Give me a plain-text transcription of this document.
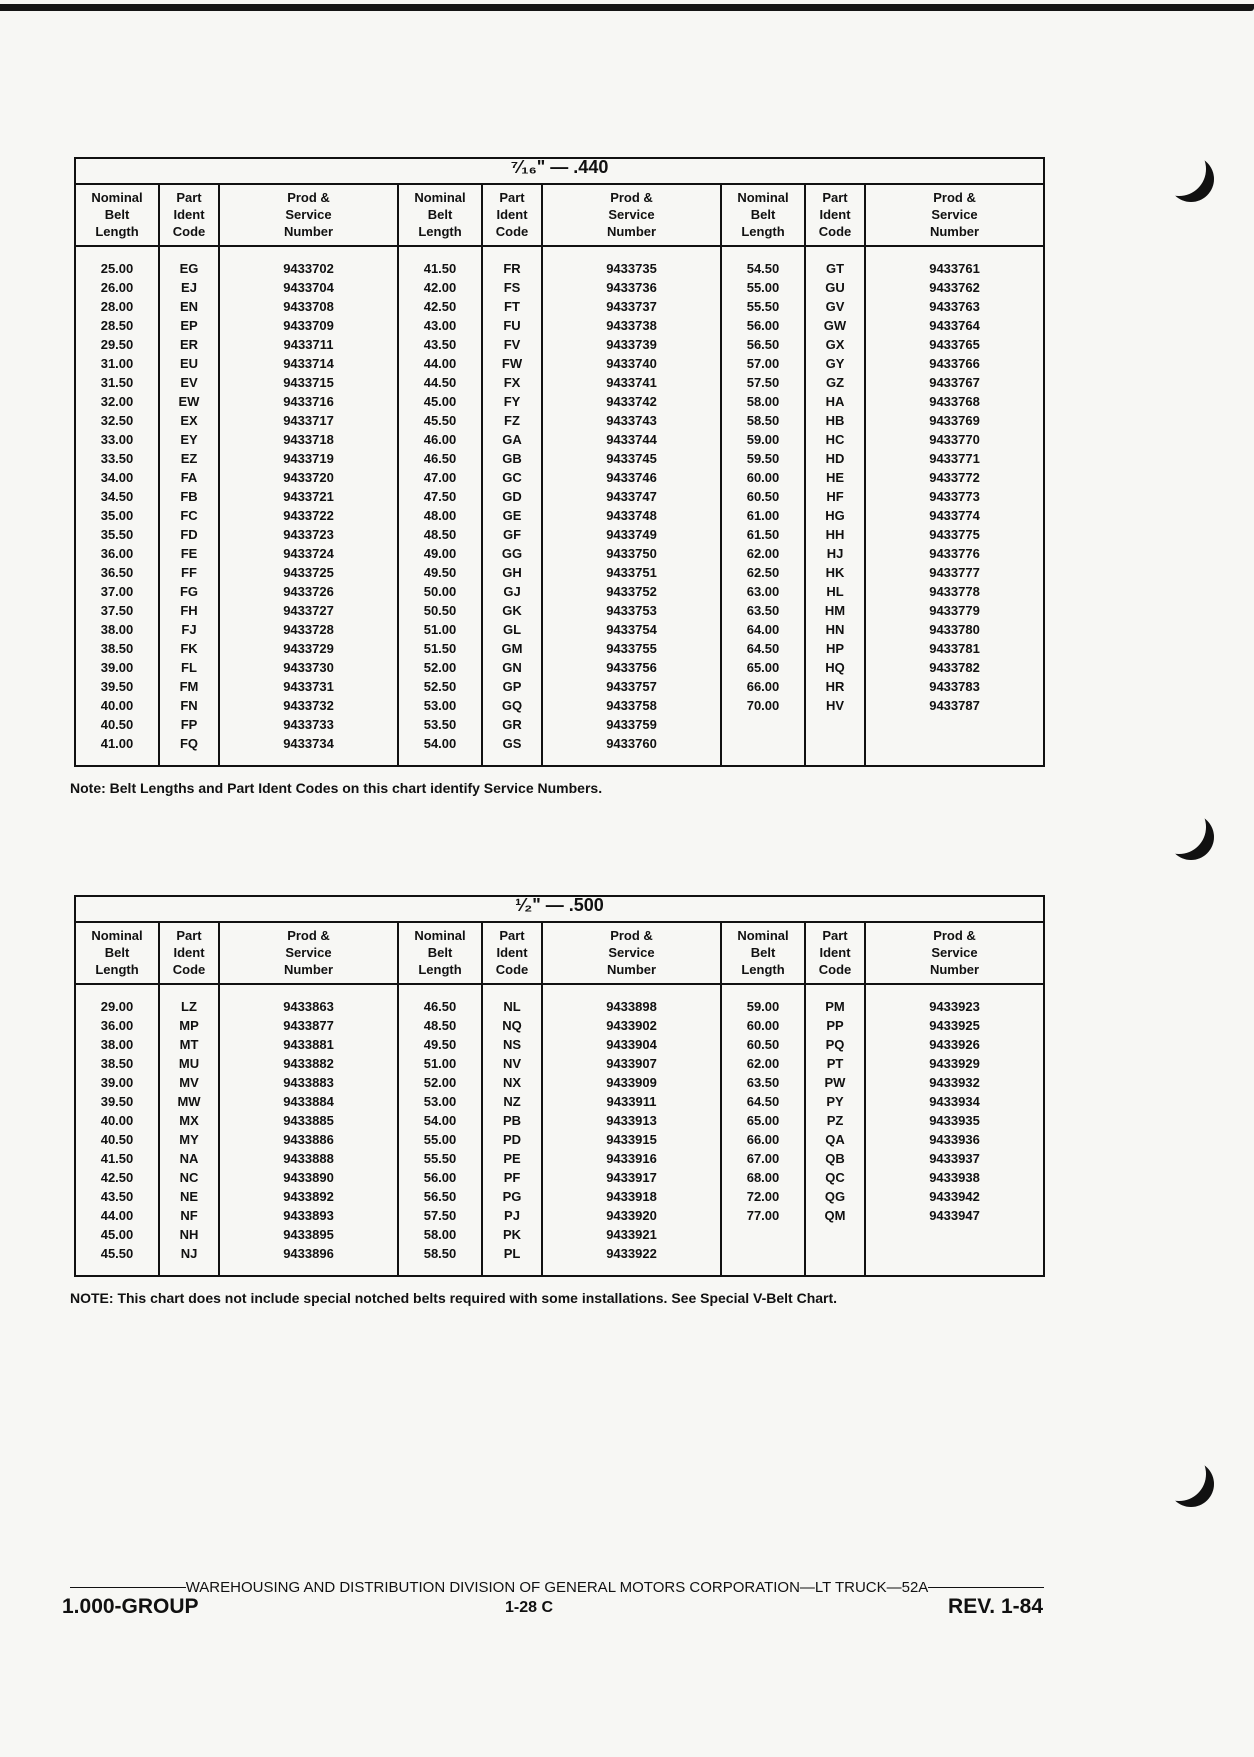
⁷⁄₁₆" — .440								
Nominal
Belt
Length	Part
Ident
Code	Prod &
Service
Number	Nominal
Belt
Length	Part
Ident
Code	Prod &
Service
Number	Nominal
Belt
Length	Part
Ident
Code	Prod &
Service
Number

25.00	EG	9433702	41.50	FR	9433735	54.50	GT	9433761
26.00	EJ	9433704	42.00	FS	9433736	55.00	GU	9433762
28.00	EN	9433708	42.50	FT	9433737	55.50	GV	9433763
28.50	EP	9433709	43.00	FU	9433738	56.00	GW	9433764
29.50	ER	9433711	43.50	FV	9433739	56.50	GX	9433765
31.00	EU	9433714	44.00	FW	9433740	57.00	GY	9433766
31.50	EV	9433715	44.50	FX	9433741	57.50	GZ	9433767
32.00	EW	9433716	45.00	FY	9433742	58.00	HA	9433768
32.50	EX	9433717	45.50	FZ	9433743	58.50	HB	9433769
33.00	EY	9433718	46.00	GA	9433744	59.00	HC	9433770
33.50	EZ	9433719	46.50	GB	9433745	59.50	HD	9433771
34.00	FA	9433720	47.00	GC	9433746	60.00	HE	9433772
34.50	FB	9433721	47.50	GD	9433747	60.50	HF	9433773
35.00	FC	9433722	48.00	GE	9433748	61.00	HG	9433774
35.50	FD	9433723	48.50	GF	9433749	61.50	HH	9433775
36.00	FE	9433724	49.00	GG	9433750	62.00	HJ	9433776
36.50	FF	9433725	49.50	GH	9433751	62.50	HK	9433777
37.00	FG	9433726	50.00	GJ	9433752	63.00	HL	9433778
37.50	FH	9433727	50.50	GK	9433753	63.50	HM	9433779
38.00	FJ	9433728	51.00	GL	9433754	64.00	HN	9433780
38.50	FK	9433729	51.50	GM	9433755	64.50	HP	9433781
39.00	FL	9433730	52.00	GN	9433756	65.00	HQ	9433782
39.50	FM	9433731	52.50	GP	9433757	66.00	HR	9433783
40.00	FN	9433732	53.00	GQ	9433758	70.00	HV	9433787
40.50	FP	9433733	53.50	GR	9433759			
41.00	FQ	9433734	54.00	GS	9433760			

Note: Belt Lengths and Part Ident Codes on this chart identify Service Numbers.
¹⁄₂" — .500								
Nominal
Belt
Length	Part
Ident
Code	Prod &
Service
Number	Nominal
Belt
Length	Part
Ident
Code	Prod &
Service
Number	Nominal
Belt
Length	Part
Ident
Code	Prod &
Service
Number

29.00	LZ	9433863	46.50	NL	9433898	59.00	PM	9433923
36.00	MP	9433877	48.50	NQ	9433902	60.00	PP	9433925
38.00	MT	9433881	49.50	NS	9433904	60.50	PQ	9433926
38.50	MU	9433882	51.00	NV	9433907	62.00	PT	9433929
39.00	MV	9433883	52.00	NX	9433909	63.50	PW	9433932
39.50	MW	9433884	53.00	NZ	9433911	64.50	PY	9433934
40.00	MX	9433885	54.00	PB	9433913	65.00	PZ	9433935
40.50	MY	9433886	55.00	PD	9433915	66.00	QA	9433936
41.50	NA	9433888	55.50	PE	9433916	67.00	QB	9433937
42.50	NC	9433890	56.00	PF	9433917	68.00	QC	9433938
43.50	NE	9433892	56.50	PG	9433918	72.00	QG	9433942
44.00	NF	9433893	57.50	PJ	9433920	77.00	QM	9433947
45.00	NH	9433895	58.00	PK	9433921			
45.50	NJ	9433896	58.50	PL	9433922			

NOTE: This chart does not include special notched belts required with some installations. See Special V-Belt Chart.
WAREHOUSING AND DISTRIBUTION DIVISION OF GENERAL MOTORS CORPORATION—LT TRUCK—52A
1.000-GROUP	1-28 C	REV. 1-84
